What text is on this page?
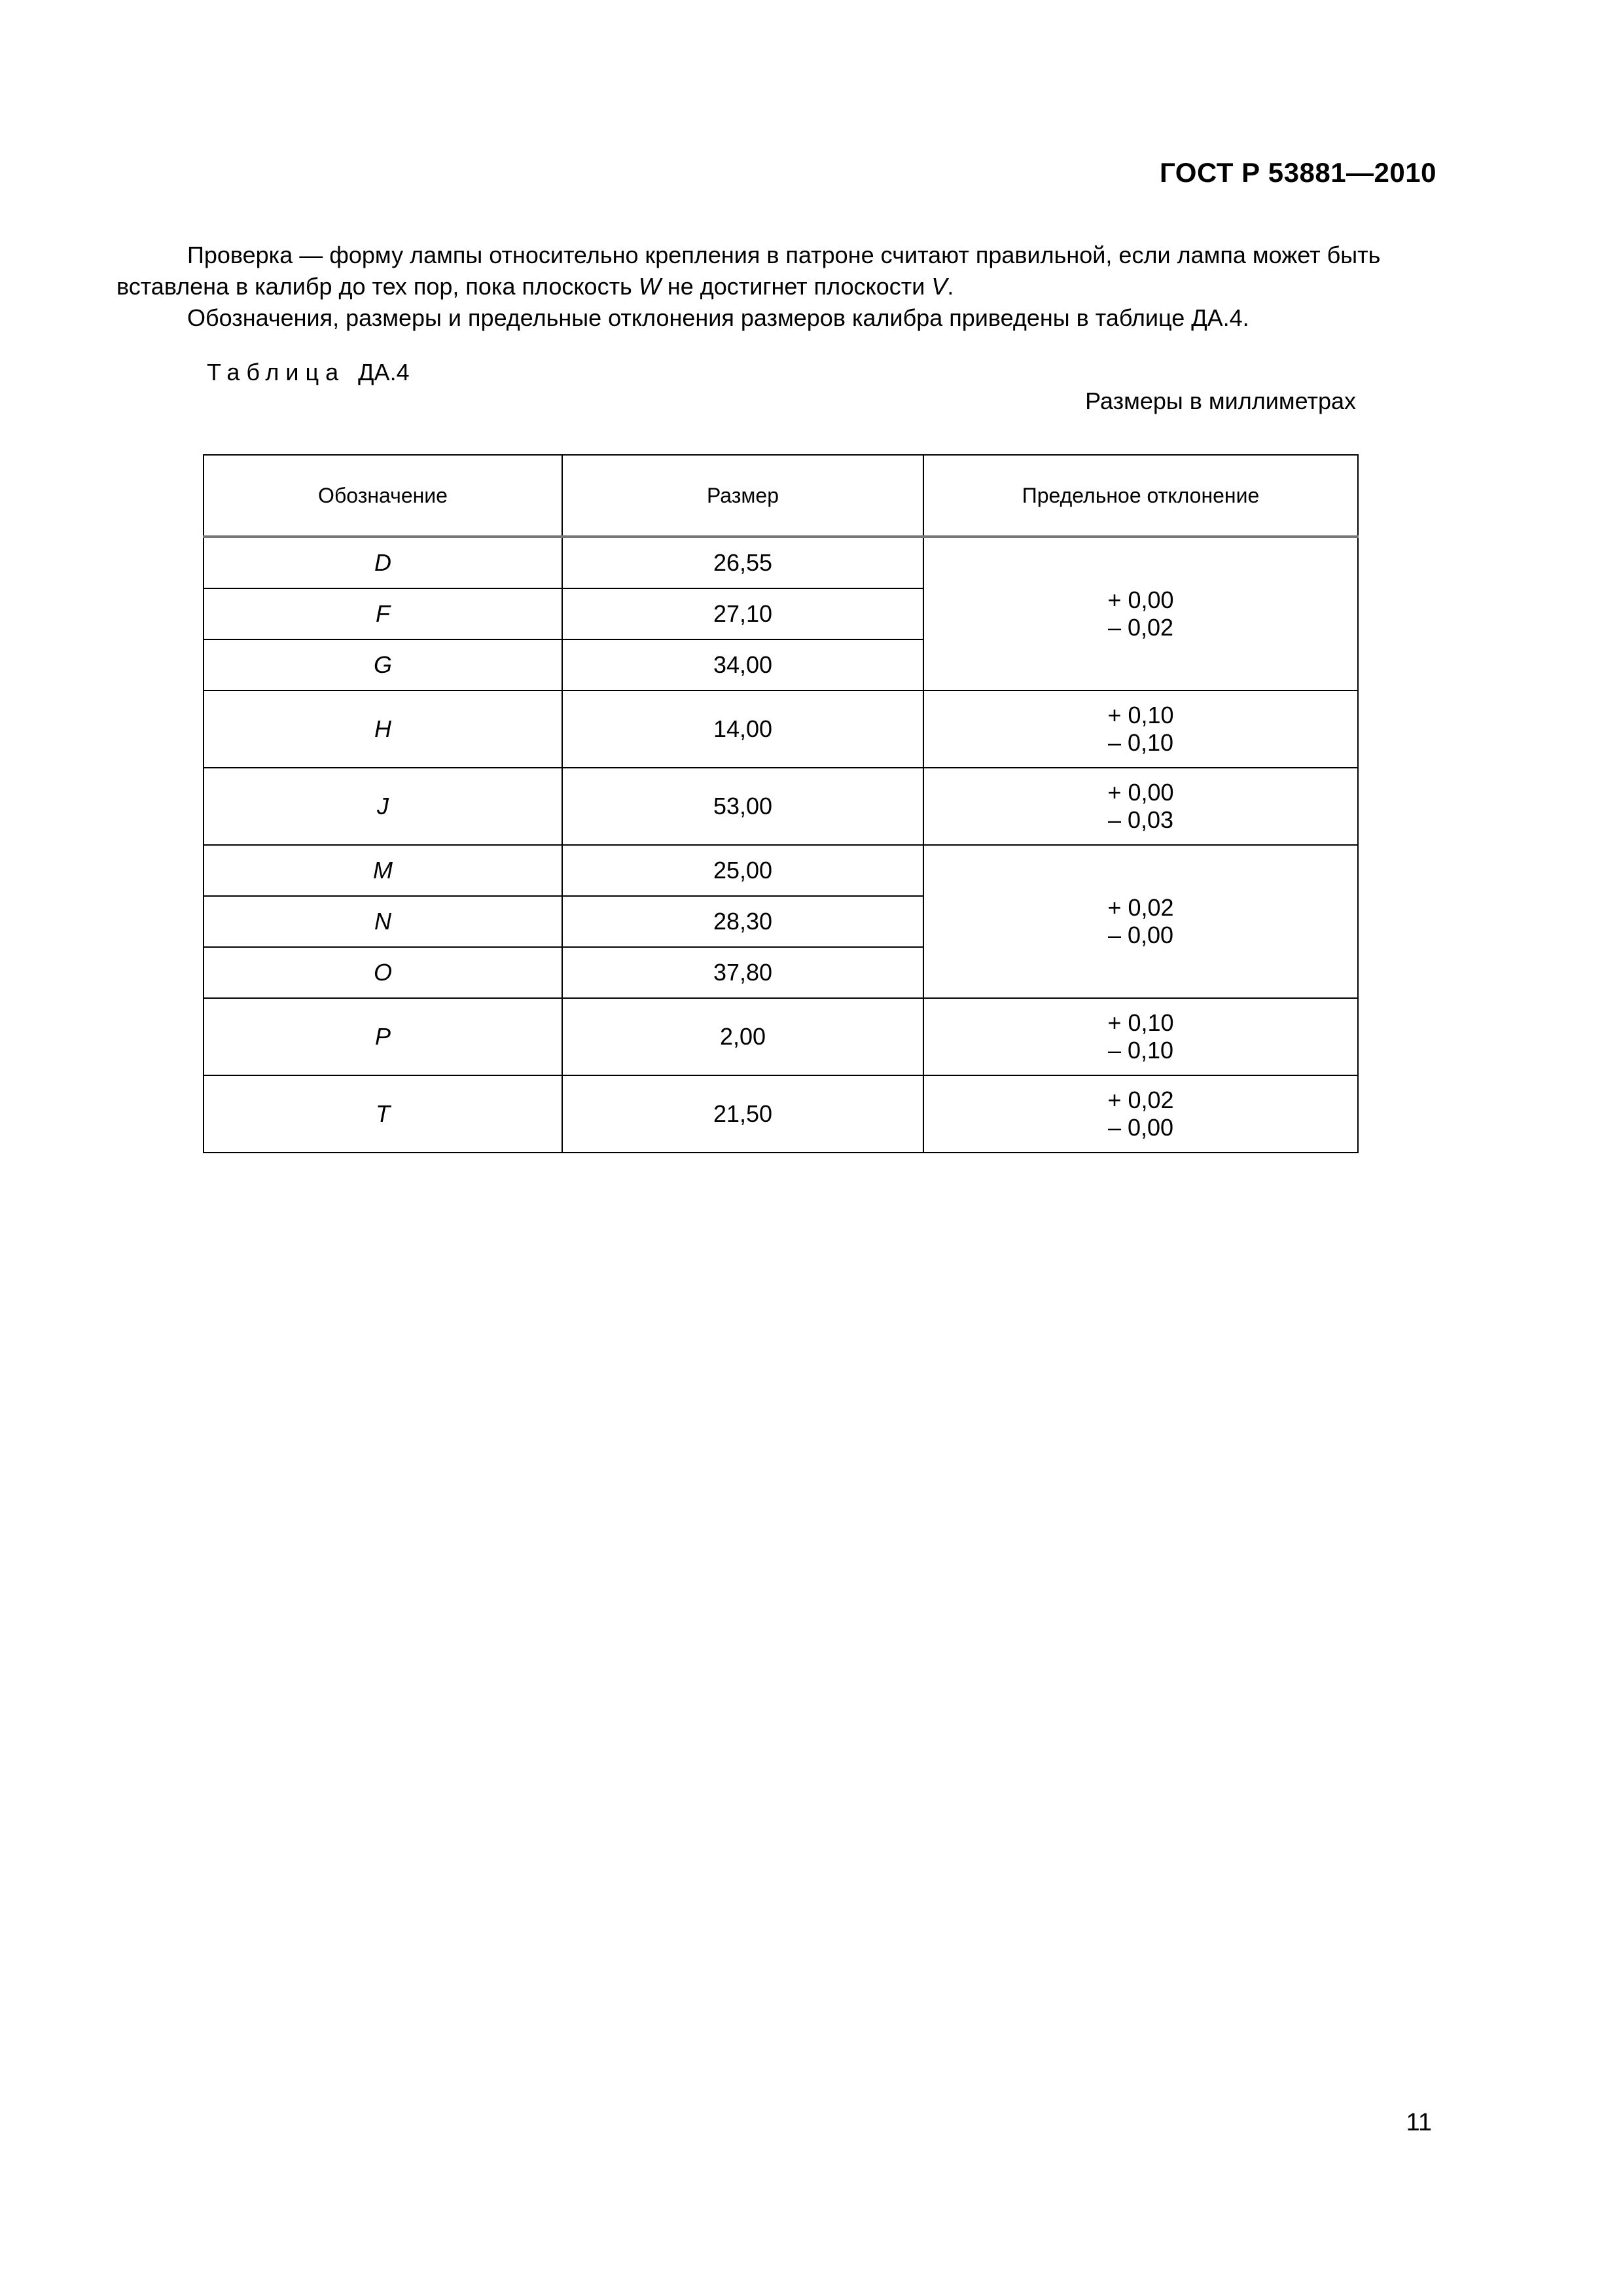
ГОСТ Р 53881—2010
Проверка — форму лампы относительно крепления в патроне считают правильной, если лампа может быть вставлена в калибр до тех пор, пока плоскость W не достигнет плоскости V.
Обозначения, размеры и предельные отклонения размеров калибра приведены в таблице ДА.4.
Таблица ДА.4
Размеры в миллиметрах
Обозначение	Размер	Предельное отклонение
D	26,55	+ 0,00
– 0,02

F	27,10	
G	34,00	
H	14,00	+ 0,10
– 0,10

J	53,00	+ 0,00
– 0,03

M	25,00	+ 0,02
– 0,00

N	28,30	
O	37,80	
P	2,00	+ 0,10
– 0,10

T	21,50	+ 0,02
– 0,00
11
